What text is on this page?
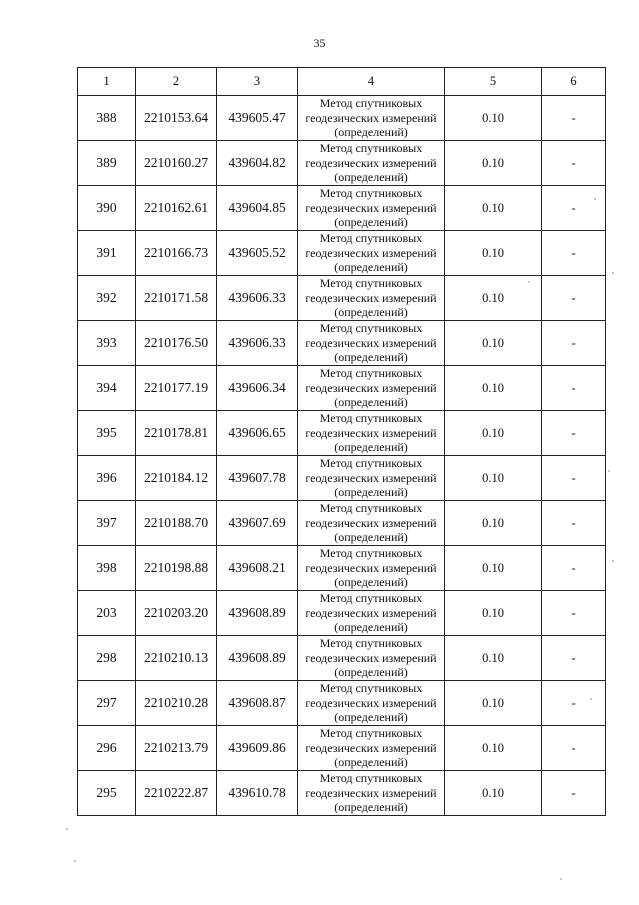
35
1	2	3	4	5	6
388	2210153.64	439605.47	Метод спутниковых
геодезических измерений
(определений)	0.10	-
389	2210160.27	439604.82	Метод спутниковых
геодезических измерений
(определений)	0.10	-
390	2210162.61	439604.85	Метод спутниковых
геодезических измерений
(определений)	0.10	-
391	2210166.73	439605.52	Метод спутниковых
геодезических измерений
(определений)	0.10	-
392	2210171.58	439606.33	Метод спутниковых
геодезических измерений
(определений)	0.10	-
393	2210176.50	439606.33	Метод спутниковых
геодезических измерений
(определений)	0.10	-
394	2210177.19	439606.34	Метод спутниковых
геодезических измерений
(определений)	0.10	-
395	2210178.81	439606.65	Метод спутниковых
геодезических измерений
(определений)	0.10	-
396	2210184.12	439607.78	Метод спутниковых
геодезических измерений
(определений)	0.10	-
397	2210188.70	439607.69	Метод спутниковых
геодезических измерений
(определений)	0.10	-
398	2210198.88	439608.21	Метод спутниковых
геодезических измерений
(определений)	0.10	-
203	2210203.20	439608.89	Метод спутниковых
геодезических измерений
(определений)	0.10	-
298	2210210.13	439608.89	Метод спутниковых
геодезических измерений
(определений)	0.10	-
297	2210210.28	439608.87	Метод спутниковых
геодезических измерений
(определений)	0.10	-
296	2210213.79	439609.86	Метод спутниковых
геодезических измерений
(определений)	0.10	-
295	2210222.87	439610.78	Метод спутниковых
геодезических измерений
(определений)	0.10	-
